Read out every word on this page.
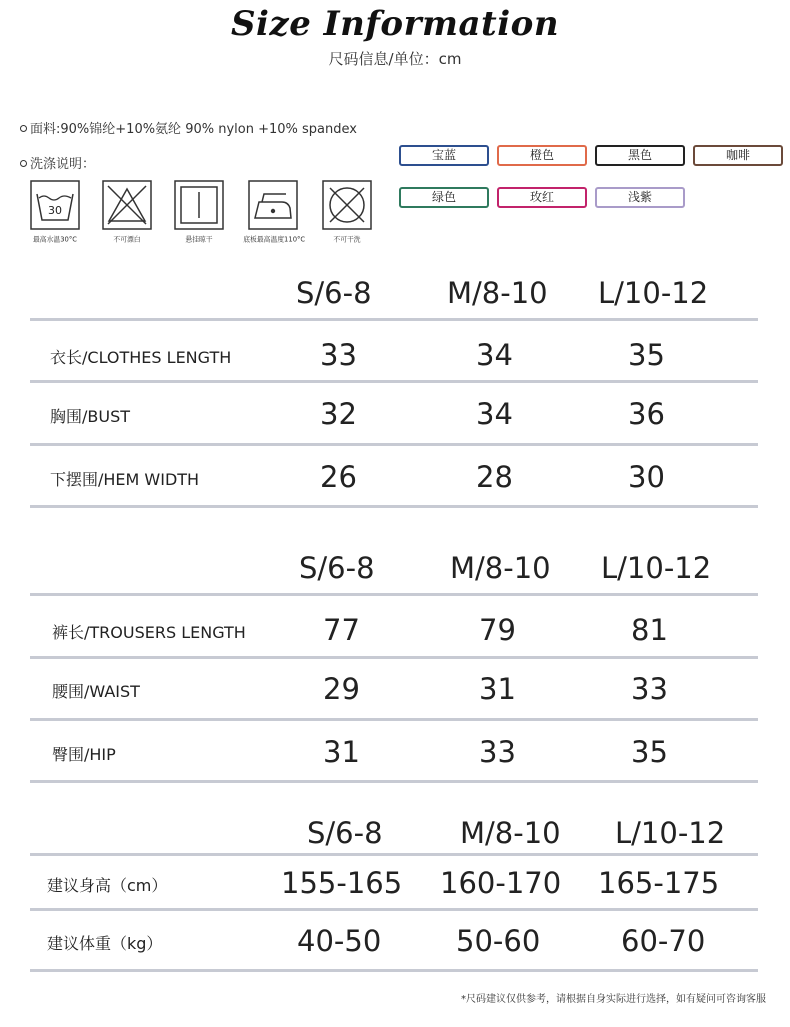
Size Information
尺码信息/单位：cm
面料:90%锦纶+10%氨纶 90% nylon +10% spandex
洗涤说明：
30
最高水温30°C	不可漂白	悬挂晾干	底板最高温度110°C	不可干洗
宝蓝	橙色	黑色	咖啡
绿色	玫红	浅紫
S/6-8	M/8-10 L/10-12
衣长/CLOTHES LENGTH	33	34	35
胸围/BUST	32	34	36
下摆围/HEM WIDTH	26	28	30
S/6-8	M/8-10 L/10-12
裤长/TROUSERS LENGTH	77	79	81
腰围/WAIST	29	31	33
臀围/HIP	31	33	35
S/6-8	M/8-10 L/10-12
建议身高（cm）	155-165 160-170 165-175
建议体重（kg）	40-50	50-60	60-70
*尺码建议仅供参考，请根据自身实际进行选择，如有疑问可咨询客服
